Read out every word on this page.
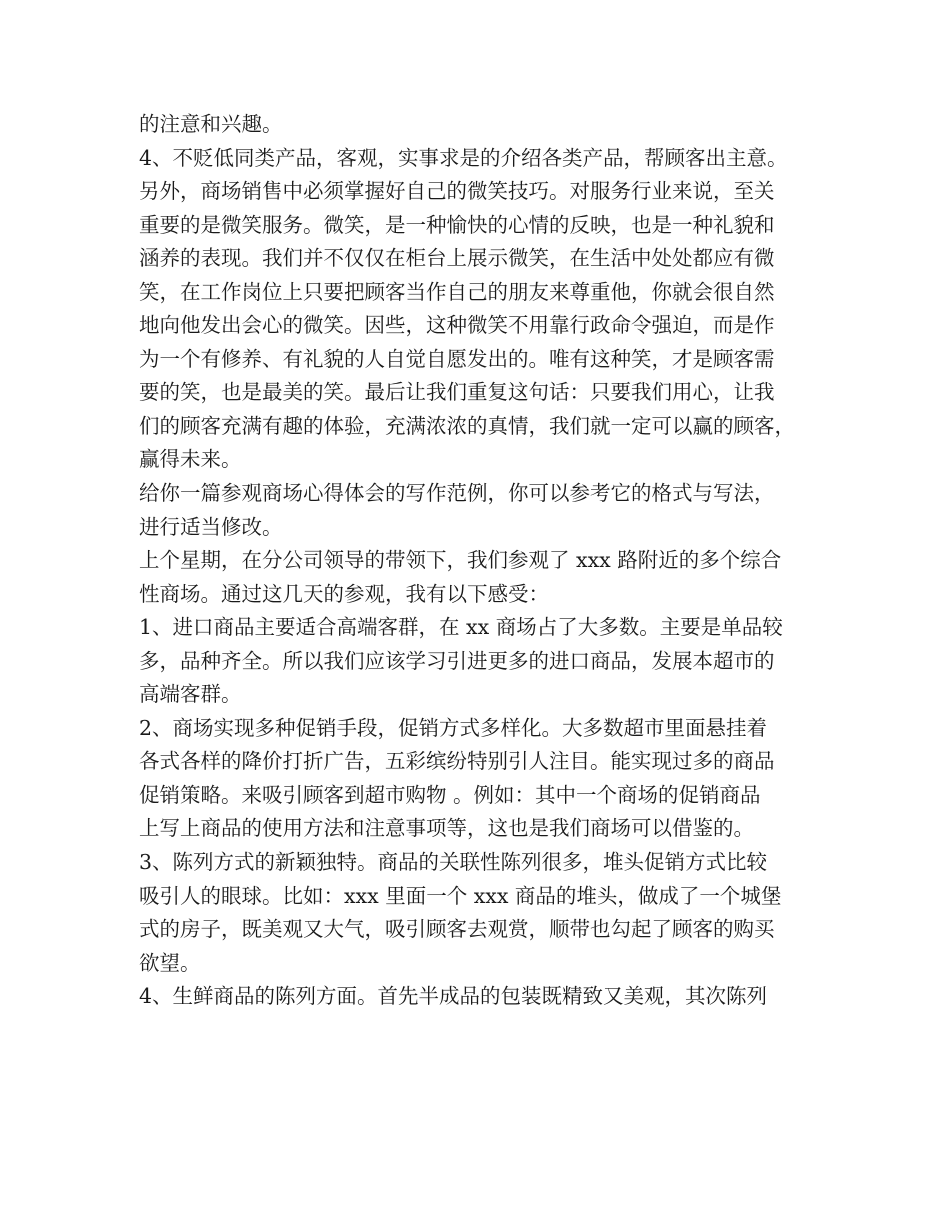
的注意和兴趣。
4、不贬低同类产品，客观，实事求是的介绍各类产品，帮顾客出主意。
另外，商场销售中必须掌握好自己的微笑技巧。对服务行业来说，至关
重要的是微笑服务。微笑，是一种愉快的心情的反映，也是一种礼貌和
涵养的表现。我们并不仅仅在柜台上展示微笑，在生活中处处都应有微
笑，在工作岗位上只要把顾客当作自己的朋友来尊重他，你就会很自然
地向他发出会心的微笑。因些，这种微笑不用靠行政命令强迫，而是作
为一个有修养、有礼貌的人自觉自愿发出的。唯有这种笑，才是顾客需
要的笑，也是最美的笑。最后让我们重复这句话：只要我们用心，让我
们的顾客充满有趣的体验，充满浓浓的真情，我们就一定可以赢的顾客，
赢得未来。
给你一篇参观商场心得体会的写作范例，你可以参考它的格式与写法，
进行适当修改。
上个星期，在分公司领导的带领下，我们参观了 xxx 路附近的多个综合
性商场。通过这几天的参观，我有以下感受：
1、进口商品主要适合高端客群，在 xx 商场占了大多数。主要是单品较
多，品种齐全。所以我们应该学习引进更多的进口商品，发展本超市的
高端客群。
2、商场实现多种促销手段，促销方式多样化。大多数超市里面悬挂着
各式各样的降价打折广告，五彩缤纷特别引人注目。能实现过多的商品
促销策略。来吸引顾客到超市购物 。例如：其中一个商场的促销商品
上写上商品的使用方法和注意事项等，这也是我们商场可以借鉴的。
3、陈列方式的新颖独特。商品的关联性陈列很多，堆头促销方式比较
吸引人的眼球。比如：xxx 里面一个 xxx 商品的堆头，做成了一个城堡
式的房子，既美观又大气，吸引顾客去观赏，顺带也勾起了顾客的购买
欲望。
4、生鲜商品的陈列方面。首先半成品的包装既精致又美观，其次陈列
